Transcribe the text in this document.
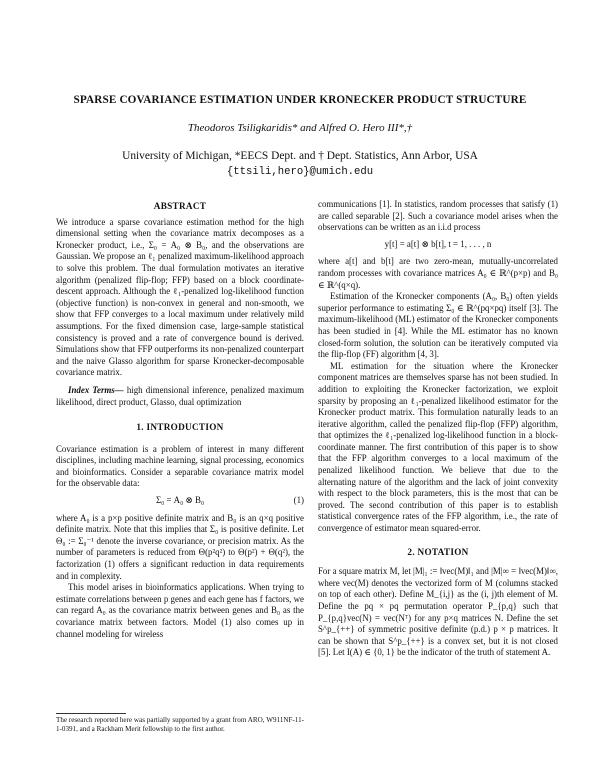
SPARSE COVARIANCE ESTIMATION UNDER KRONECKER PRODUCT STRUCTURE
Theodoros Tsiligkaridis* and Alfred O. Hero III*,†
University of Michigan, *EECS Dept. and † Dept. Statistics, Ann Arbor, USA
{ttsili,hero}@umich.edu

ABSTRACT

We introduce a sparse covariance estimation method for the high dimensional setting when the covariance matrix decomposes as a Kronecker product, i.e., Σ₀ = A₀ ⊗ B₀, and the observations are Gaussian. We propose an ℓ₁ penalized maximum-likelihood approach to solve this problem. The dual formulation motivates an iterative algorithm (penalized flip-flop; FFP) based on a block coordinate-descent approach. Although the ℓ₁-penalized log-likelihood function (objective function) is non-convex in general and non-smooth, we show that FFP converges to a local maximum under relatively mild assumptions. For the fixed dimension case, large-sample statistical consistency is proved and a rate of convergence bound is derived. Simulations show that FFP outperforms its non-penalized counterpart and the naive Glasso algorithm for sparse Kronecker-decomposable covariance matrix.

Index Terms— high dimensional inference, penalized maximum likelihood, direct product, Glasso, dual optimization

1. INTRODUCTION

Covariance estimation is a problem of interest in many different disciplines, including machine learning, signal processing, economics and bioinformatics. Consider a separable covariance matrix model for the observable data:

Σ₀ = A₀ ⊗ B₀	(1)

where A₀ is a p×p positive definite matrix and B₀ is an q×q positive definite matrix. Note that this implies that Σ₀ is positive definite. Let Θ₀ := Σ₀⁻¹ denote the inverse covariance, or precision matrix. As the number of parameters is reduced from Θ(p²q²) to Θ(p²) + Θ(q²), the factorization (1) offers a significant reduction in data requirements and in complexity.

This model arises in bioinformatics applications. When trying to estimate correlations between p genes and each gene has f factors, we can regard A₀ as the covariance matrix between genes and B₀ as the covariance matrix between factors. Model (1) also comes up in channel modeling for wireless

communications [1]. In statistics, random processes that satisfy (1) are called separable [2]. Such a covariance model arises when the observations can be written as an i.i.d process

y[t] = a[t] ⊗ b[t], t = 1, . . . , n

where a[t] and b[t] are two zero-mean, mutually-uncorrelated random processes with covariance matrices A₀ ∈ ℝ^(p×p) and B₀ ∈ ℝ^(q×q).

Estimation of the Kronecker components (A₀, B₀) often yields superior performance to estimating Σ₀ ∈ ℝ^(pq×pq) itself [3]. The maximum-likelihood (ML) estimator of the Kronecker components has been studied in [4]. While the ML estimator has no known closed-form solution, the solution can be iteratively computed via the flip-flop (FF) algorithm [4, 3].

ML estimation for the situation where the Kronecker component matrices are themselves sparse has not been studied. In addition to exploiting the Kronecker factorization, we exploit sparsity by proposing an ℓ₁-penalized likelihood estimator for the Kronecker product matrix. This formulation naturally leads to an iterative algorithm, called the penalized flip-flop (FFP) algorithm, that optimizes the ℓ₁-penalized log-likelihood function in a block-coordinate manner. The first contribution of this paper is to show that the FFP algorithm converges to a local maximum of the penalized likelihood function. We believe that due to the alternating nature of the algorithm and the lack of joint convexity with respect to the block parameters, this is the most that can be proved. The second contribution of this paper is to establish statistical convergence rates of the FFP algorithm, i.e., the rate of convergence of estimator mean squared-error.

2. NOTATION

For a square matrix M, let |M|₁ := ‖vec(M)‖₁ and |M|∞ = ‖vec(M)‖∞, where vec(M) denotes the vectorized form of M (columns stacked on top of each other). Define M_{i,j} as the (i, j)th element of M. Define the pq × pq permutation operator P_{p,q} such that P_{p,q}vec(N) = vec(Nᵀ) for any p×q matrices N. Define the set S^p_{++} of symmetric positive definite (p.d.) p × p matrices. It can be shown that S^p_{++} is a convex set, but it is not closed [5]. Let I(A) ∈ {0, 1} be the indicator of the truth of statement A.

The research reported here was partially supported by a grant from ARO, W911NF-11-1-0391, and a Rackham Merit fellowship to the first author.
